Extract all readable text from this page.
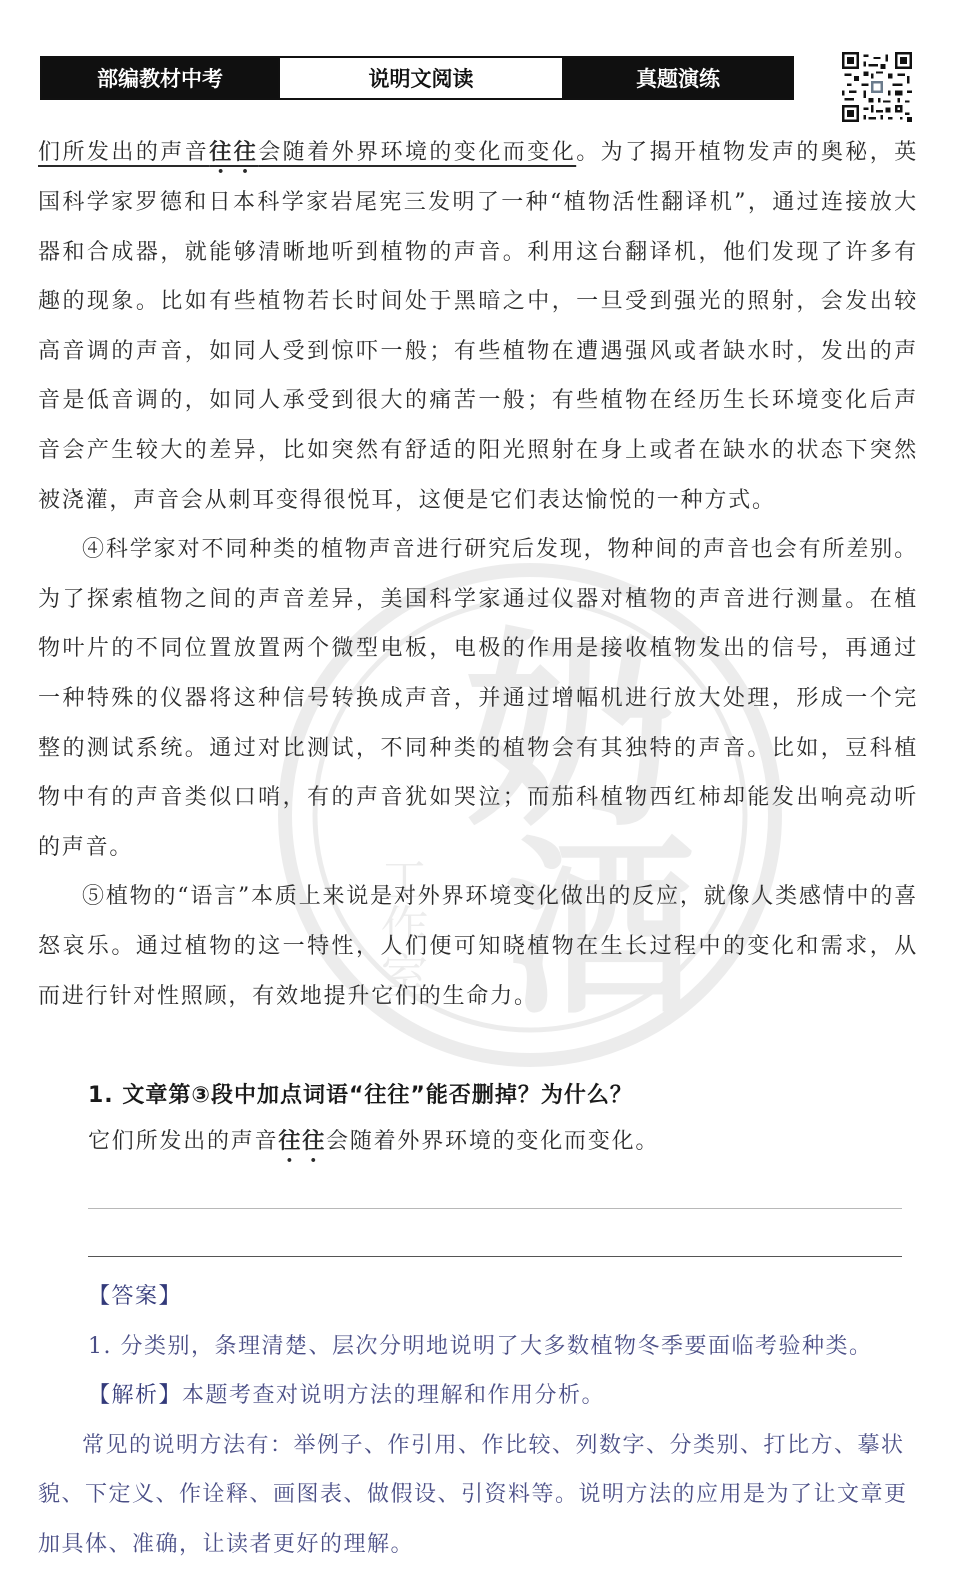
奶
酒
工作室
部编教材中考	说明文阅读	真题演练

们所发出的声音往往会随着外界环境的变化而变化。为了揭开植物发声的奥秘，英国科学家罗德和日本科学家岩尾宪三发明了一种“植物活性翻译机”，通过连接放大器和合成器，就能够清晰地听到植物的声音。利用这台翻译机，他们发现了许多有趣的现象。比如有些植物若长时间处于黑暗之中，一旦受到强光的照射，会发出较高音调的声音，如同人受到惊吓一般；有些植物在遭遇强风或者缺水时，发出的声音是低音调的，如同人承受到很大的痛苦一般；有些植物在经历生长环境变化后声音会产生较大的差异，比如突然有舒适的阳光照射在身上或者在缺水的状态下突然被浇灌，声音会从刺耳变得很悦耳，这便是它们表达愉悦的一种方式。

④科学家对不同种类的植物声音进行研究后发现，物种间的声音也会有所差别。为了探索植物之间的声音差异，美国科学家通过仪器对植物的声音进行测量。在植物叶片的不同位置放置两个微型电板，电极的作用是接收植物发出的信号，再通过一种特殊的仪器将这种信号转换成声音，并通过增幅机进行放大处理，形成一个完整的测试系统。通过对比测试，不同种类的植物会有其独特的声音。比如，豆科植物中有的声音类似口哨，有的声音犹如哭泣；而茄科植物西红柿却能发出响亮动听的声音。

⑤植物的“语言”本质上来说是对外界环境变化做出的反应，就像人类感情中的喜怒哀乐。通过植物的这一特性，人们便可知晓植物在生长过程中的变化和需求，从而进行针对性照顾，有效地提升它们的生命力。

1. 文章第③段中加点词语“往往”能否删掉？为什么？
它们所发出的声音往往会随着外界环境的变化而变化。

【答案】

1. 分类别，条理清楚、层次分明地说明了大多数植物冬季要面临考验种类。

【解析】本题考查对说明方法的理解和作用分析。

常见的说明方法有：举例子、作引用、作比较、列数字、分类别、打比方、摹状貌、下定义、作诠释、画图表、做假设、引资料等。说明方法的应用是为了让文章更加具体、准确，让读者更好的理解。
